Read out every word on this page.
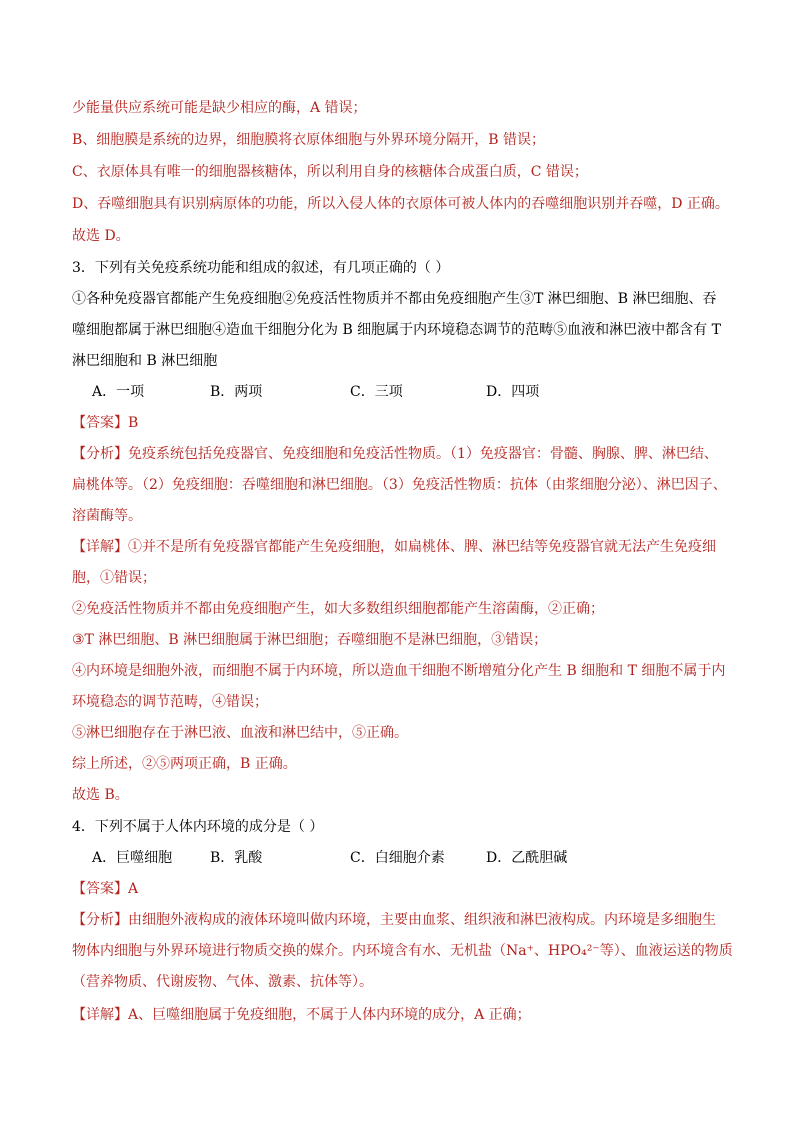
少能量供应系统可能是缺少相应的酶，A 错误；
B、细胞膜是系统的边界，细胞膜将衣原体细胞与外界环境分隔开，B 错误；
C、衣原体具有唯一的细胞器核糖体，所以利用自身的核糖体合成蛋白质，C 错误；
D、吞噬细胞具有识别病原体的功能，所以入侵人体的衣原体可被人体内的吞噬细胞识别并吞噬，D 正确。
故选 D。
3．下列有关免疫系统功能和组成的叙述，有几项正确的（ ）
①各种免疫器官都能产生免疫细胞②免疫活性物质并不都由免疫细胞产生③T 淋巴细胞、B 淋巴细胞、吞
噬细胞都属于淋巴细胞④造血干细胞分化为 B 细胞属于内环境稳态调节的范畴⑤血液和淋巴液中都含有 T
淋巴细胞和 B 淋巴细胞
A．一项	B．两项	C．三项	D．四项
【答案】B
【分析】免疫系统包括免疫器官、免疫细胞和免疫活性物质。（1）免疫器官：骨髓、胸腺、脾、淋巴结、
扁桃体等。（2）免疫细胞：吞噬细胞和淋巴细胞。（3）免疫活性物质：抗体（由浆细胞分泌）、淋巴因子、
溶菌酶等。
【详解】①并不是所有免疫器官都能产生免疫细胞，如扁桃体、脾、淋巴结等免疫器官就无法产生免疫细
胞，①错误；
②免疫活性物质并不都由免疫细胞产生，如大多数组织细胞都能产生溶菌酶，②正确；
③T 淋巴细胞、B 淋巴细胞属于淋巴细胞；吞噬细胞不是淋巴细胞，③错误；
④内环境是细胞外液，而细胞不属于内环境，所以造血干细胞不断增殖分化产生 B 细胞和 T 细胞不属于内
环境稳态的调节范畴，④错误；
⑤淋巴细胞存在于淋巴液、血液和淋巴结中，⑤正确。
综上所述，②⑤两项正确，B 正确。
故选 B。
4．下列不属于人体内环境的成分是（ ）
A．巨噬细胞	B．乳酸	C．白细胞介素	D．乙酰胆碱
【答案】A
【分析】由细胞外液构成的液体环境叫做内环境，主要由血浆、组织液和淋巴液构成。内环境是多细胞生
物体内细胞与外界环境进行物质交换的媒介。内环境含有水、无机盐（Na⁺、HPO₄²⁻等）、血液运送的物质
（营养物质、代谢废物、气体、激素、抗体等）。
【详解】A、巨噬细胞属于免疫细胞，不属于人体内环境的成分，A 正确；
